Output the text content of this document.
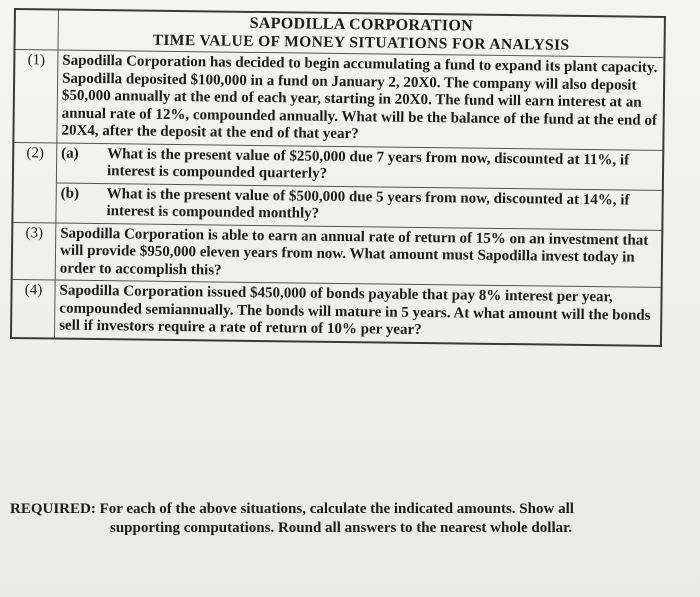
	SAPODILLA CORPORATION
TIME VALUE OF MONEY SITUATIONS FOR ANALYSIS

(1)	Sapodilla Corporation has decided to begin accumulating a fund to expand its plant capacity. Sapodilla deposited $100,000 in a fund on January 2, 20X0. The company will also deposit $50,000 annually at the end of each year, starting in 20X0. The fund will earn interest at an annual rate of 12%, compounded annually. What will be the balance of the fund at the end of 20X4, after the deposit at the end of that year?
(2)	(a) What is the present value of $250,000 due 7 years from now, discounted at 11%, if interest is compounded quarterly?
(b) What is the present value of $500,000 due 5 years from now, discounted at 14%, if interest is compounded monthly?

(3)	Sapodilla Corporation is able to earn an annual rate of return of 15% on an investment that will provide $950,000 eleven years from now. What amount must Sapodilla invest today in order to accomplish this?
(4)	Sapodilla Corporation issued $450,000 of bonds payable that pay 8% interest per year, compounded semiannually. The bonds will mature in 5 years. At what amount will the bonds sell if investors require a rate of return of 10% per year?
REQUIRED: For each of the above situations, calculate the indicated amounts. Show all
supporting computations. Round all answers to the nearest whole dollar.
